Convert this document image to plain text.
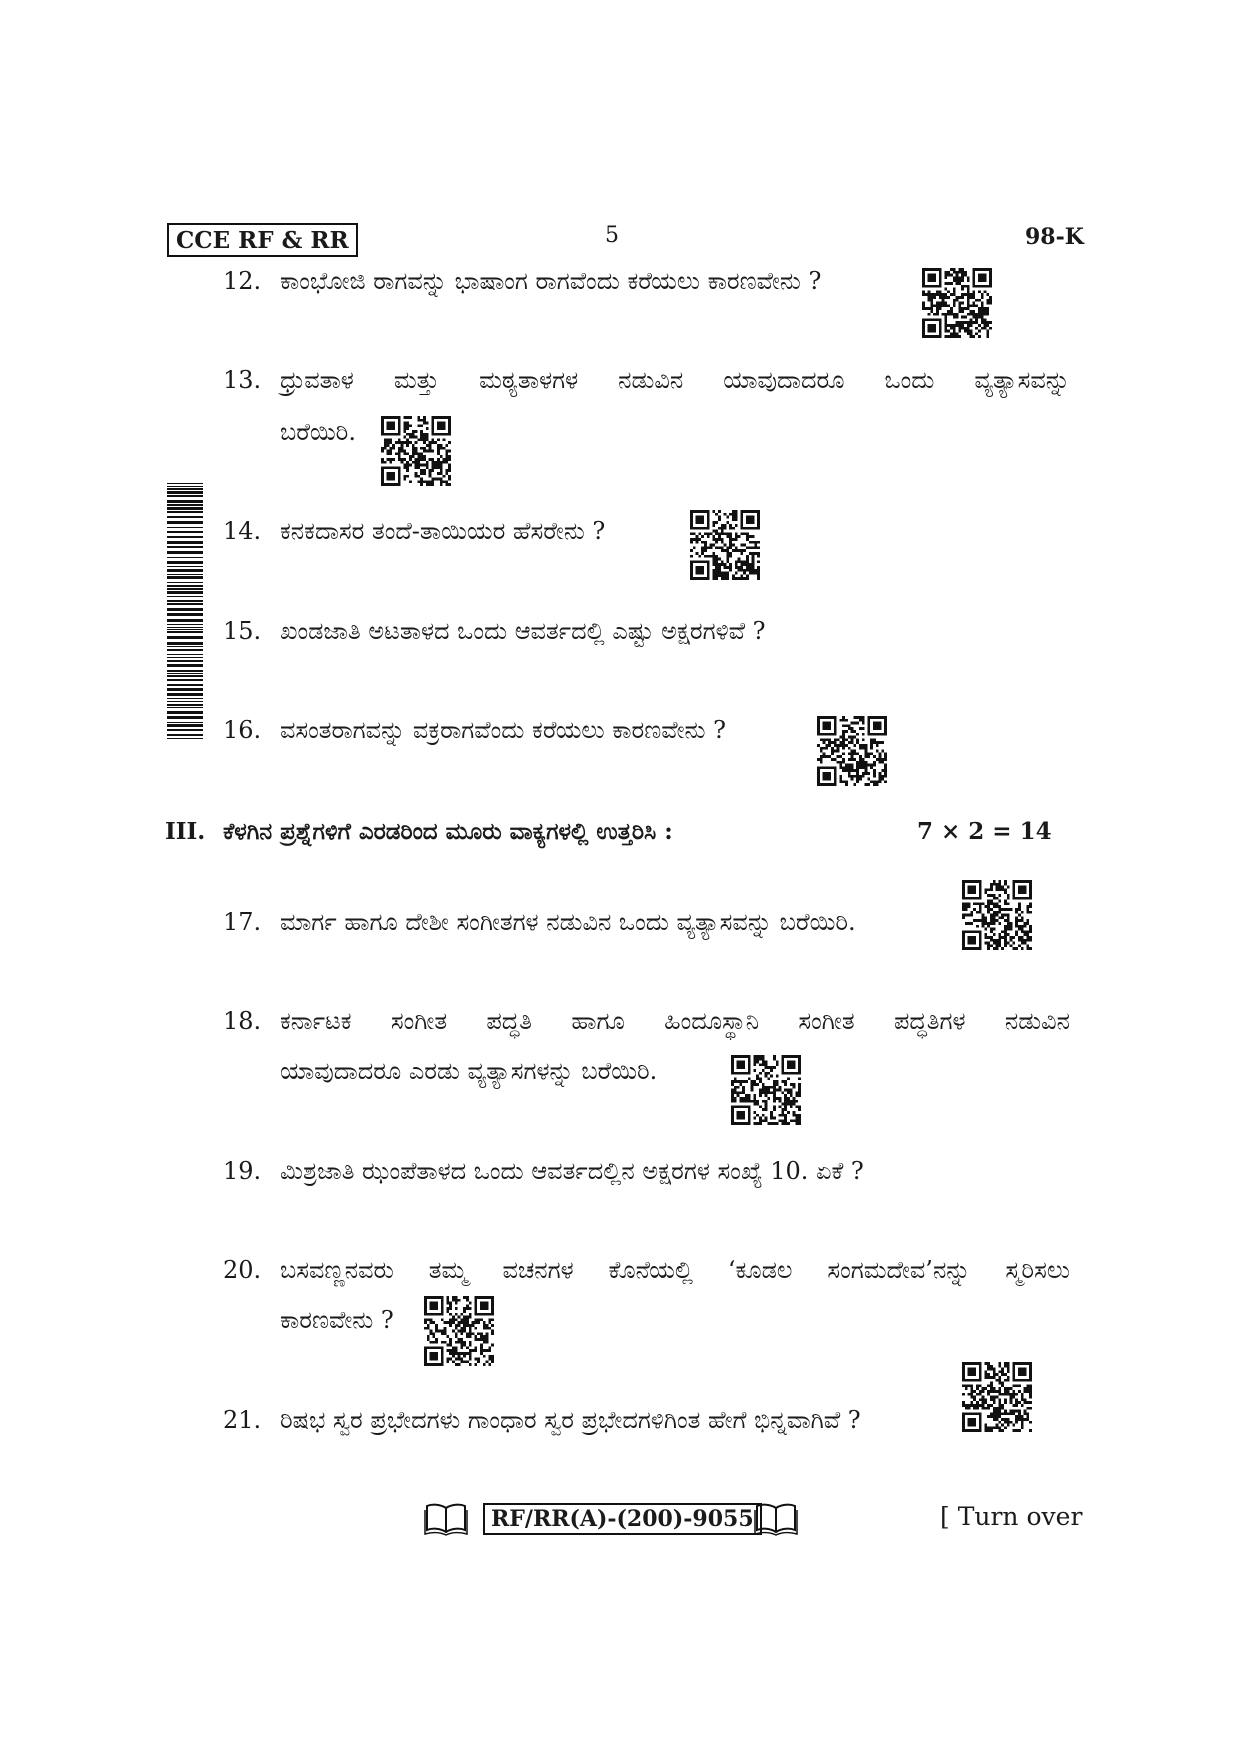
CCE RF & RR	5	98-K
12. ಕಾಂಭೋಜಿ ರಾಗವನ್ನು ಭಾಷಾಂಗ ರಾಗವೆಂದು ಕರೆಯಲು ಕಾರಣವೇನು ?
13. ಧ್ರುವತಾಳ ಮತ್ತು ಮಠ್ಯತಾಳಗಳ ನಡುವಿನ ಯಾವುದಾದರೂ ಒಂದು ವ್ಯತ್ಯಾಸವನ್ನು
ಬರೆಯಿರಿ.
14. ಕನಕದಾಸರ ತಂದೆ-ತಾಯಿಯರ ಹೆಸರೇನು ?
15. ಖಂಡಜಾತಿ ಅಟತಾಳದ ಒಂದು ಆವರ್ತದಲ್ಲಿ ಎಷ್ಟು ಅಕ್ಷರಗಳಿವೆ ?
16. ವಸಂತರಾಗವನ್ನು ವಕ್ರರಾಗವೆಂದು ಕರೆಯಲು ಕಾರಣವೇನು ?
III. ಕೆಳಗಿನ ಪ್ರಶ್ನೆಗಳಿಗೆ ಎರಡರಿಂದ ಮೂರು ವಾಕ್ಯಗಳಲ್ಲಿ ಉತ್ತರಿಸಿ :	7 × 2 = 14
17. ಮಾರ್ಗ ಹಾಗೂ ದೇಶೀ ಸಂಗೀತಗಳ ನಡುವಿನ ಒಂದು ವ್ಯತ್ಯಾಸವನ್ನು ಬರೆಯಿರಿ.
18. ಕರ್ನಾಟಕ ಸಂಗೀತ ಪದ್ಧತಿ ಹಾಗೂ ಹಿಂದೂಸ್ಥಾನಿ ಸಂಗೀತ ಪದ್ಧತಿಗಳ ನಡುವಿನ
ಯಾವುದಾದರೂ ಎರಡು ವ್ಯತ್ಯಾಸಗಳನ್ನು ಬರೆಯಿರಿ.
19. ಮಿಶ್ರಜಾತಿ ಝಂಪೆತಾಳದ ಒಂದು ಆವರ್ತದಲ್ಲಿನ ಅಕ್ಷರಗಳ ಸಂಖ್ಯೆ 10. ಏಕೆ ?
20. ಬಸವಣ್ಣನವರು ತಮ್ಮ ವಚನಗಳ ಕೊನೆಯಲ್ಲಿ ‘ಕೂಡಲ ಸಂಗಮದೇವ’ನನ್ನು ಸ್ಮರಿಸಲು
ಕಾರಣವೇನು ?
21. ರಿಷಭ ಸ್ವರ ಪ್ರಭೇದಗಳು ಗಾಂಧಾರ ಸ್ವರ ಪ್ರಭೇದಗಳಿಗಿಂತ ಹೇಗೆ ಭಿನ್ನವಾಗಿವೆ ?
RF/RR(A)-(200)-9055	[ Turn over
